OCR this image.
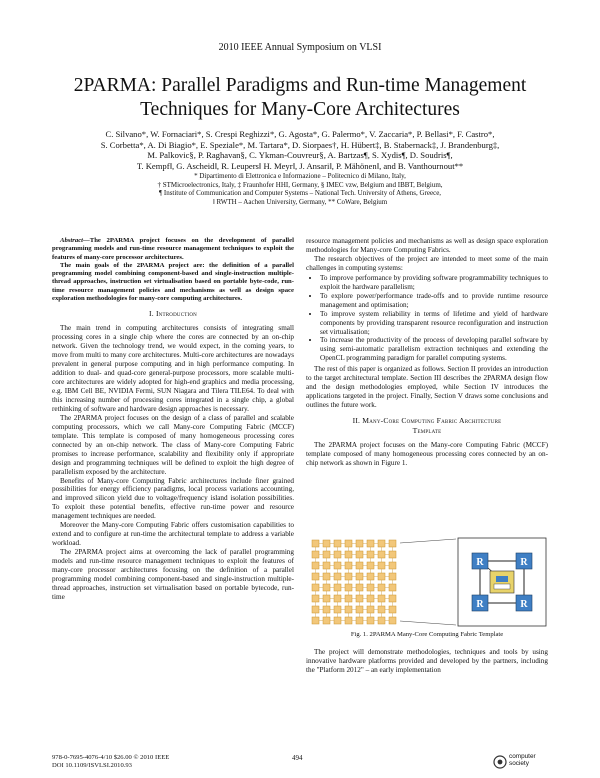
2010 IEEE Annual Symposium on VLSI
2PARMA: Parallel Paradigms and Run-time Management
Techniques for Many-Core Architectures
C. Silvano*, W. Fornaciari*, S. Crespi Reghizzi*, G. Agosta*, G. Palermo*, V. Zaccaria*, P. Bellasi*, F. Castro*,
S. Corbetta*, A. Di Biagio*, E. Speziale*, M. Tartara*, D. Siorpaes†, H. Hübert‡, B. Stabernack‡, J. Brandenburg‡,
M. Palkovic§, P. Raghavan§, C. Ykman-Couvreur§, A. Bartzas¶, S. Xydis¶, D. Soudris¶,
T. Kempf‖, G. Ascheid‖, R. Leupers‖ H. Meyr‖, J. Ansari‖, P. Mähönen‖, and B. Vanthournout**
* Dipartimento di Elettronica e Informazione – Politecnico di Milano, Italy,
† STMicroelectronics, Italy, ‡ Fraunhofer HHI, Germany, § IMEC vzw, Belgium and IBBT, Belgium,
¶ Institute of Communication and Computer Systems – National Tech. University of Athens, Greece,
‖ RWTH – Aachen University, Germany, ** CoWare, Belgium

Abstract—The 2PARMA project focuses on the development of parallel programming models and run-time resource management techniques to exploit the features of many-core processor architectures.

The main goals of the 2PARMA project are: the definition of a parallel programming model combining component-based and single-instruction multiple-thread approaches, instruction set virtualisation based on portable byte-code, run-time resource management policies and mechanisms as well as design space exploration methodologies for many-core computing architectures.

I. Introduction

The main trend in computing architectures consists of integrating small processing cores in a single chip where the cores are connected by an on-chip network. Given the technology trend, we would expect, in the coming years, to move from multi to many core architectures. Multi-core architectures are nowadays prevalent in general purpose computing and in high performance computing. In addition to dual- and quad-core general-purpose processors, more scalable multi-core architectures are widely adopted for high-end graphics and media processing, e.g. IBM Cell BE, NVIDIA Fermi, SUN Niagara and Tilera TILE64. To deal with this increasing number of processing cores integrated in a single chip, a global rethinking of software and hardware design approaches is necessary.

The 2PARMA project focuses on the design of a class of parallel and scalable computing processors, which we call Many-core Computing Fabric (MCCF) template. This template is composed of many homogeneous processing cores connected by an on-chip network. The class of Many-core Computing Fabric promises to increase performance, scalability and flexibility only if appropriate design and programming techniques will be defined to exploit the high degree of parallelism exposed by the architecture.

Benefits of Many-core Computing Fabric architectures include finer grained possibilities for energy efficiency paradigms, local process variations accounting, and improved silicon yield due to voltage/frequency island isolation possibilities. To exploit these potential benefits, effective run-time power and resource management techniques are needed.

Moreover the Many-core Computing Fabric offers customisation capabilities to extend and to configure at run-time the architectural template to address a variable workload.

The 2PARMA project aims at overcoming the lack of parallel programming models and run-time resource management techniques to exploit the features of many-core processor architectures focusing on the definition of a parallel programming model combining component-based and single-instruction multiple-thread approaches, instruction set virtualisation based on portable bytecode, run-time

resource management policies and mechanisms as well as design space exploration methodologies for Many-core Computing Fabrics.

The research objectives of the project are intended to meet some of the main challenges in computing systems:

• To improve performance by providing software programmability techniques to exploit the hardware parallelism;
• To explore power/performance trade-offs and to provide runtime resource management and optimisation;
• To improve system reliability in terms of lifetime and yield of hardware components by providing transparent resource reconfiguration and instruction set virtualisation;
• To increase the productivity of the process of developing parallel software by using semi-automatic parallelism extraction techniques and extending the OpenCL programming paradigm for parallel computing systems.

The rest of this paper is organized as follows. Section II provides an introduction to the target architectural template. Section III describes the 2PARMA design flow and the design methodologies employed, while Section IV introduces the applications targeted in the project. Finally, Section V draws some conclusions and outlines the future work.

II. Many-Core Computing Fabric Architecture
Template

The 2PARMA project focuses on the Many-core Computing Fabric (MCCF) template composed of many homogeneous processing cores connected by an on-chip network as shown in Figure 1.

R	R
R	R
Fig. 1. 2PARMA Many-Core Computing Fabric Template

The project will demonstrate methodologies, techniques and tools by using innovative hardware platforms provided and developed by the partners, including the "Platform 2012" – an early implementation

978-0-7695-4076-4/10 $26.00 © 2010 IEEE
DOI 10.1109/ISVLSI.2010.93
494	computer society
